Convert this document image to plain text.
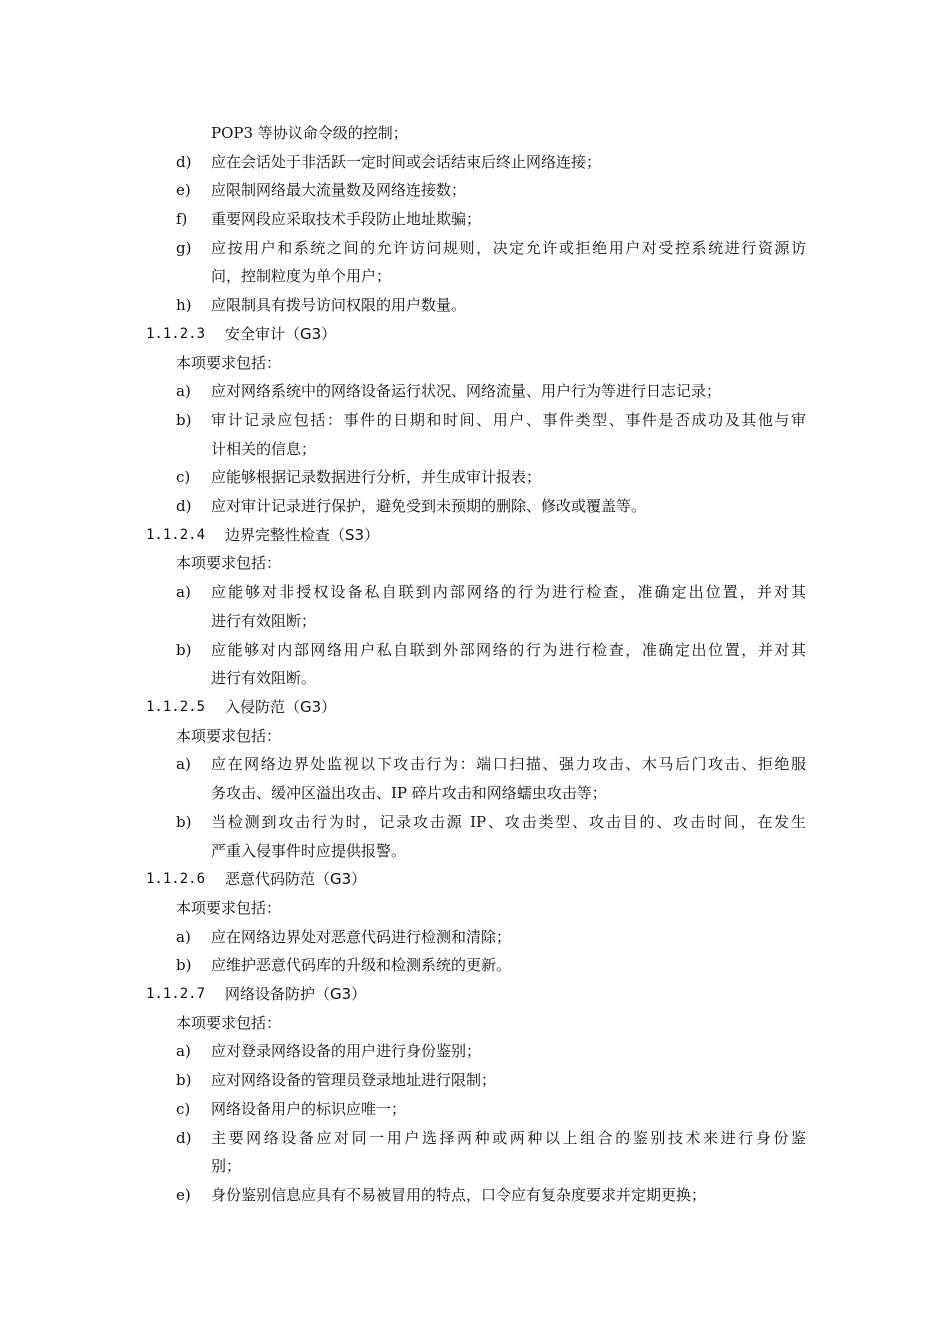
POP3 等协议命令级的控制；
d)	应在会话处于非活跃一定时间或会话结束后终止网络连接；
e)	应限制网络最大流量数及网络连接数；
f)	重要网段应采取技术手段防止地址欺骗；
g)	应按用户和系统之间的允许访问规则，决定允许或拒绝用户对受控系统进行资源访
问，控制粒度为单个用户；
h)	应限制具有拨号访问权限的用户数量。
1.1.2.3 安全审计（G3）
本项要求包括：
a)	应对网络系统中的网络设备运行状况、网络流量、用户行为等进行日志记录；
b)	审计记录应包括：事件的日期和时间、用户、事件类型、事件是否成功及其他与审
计相关的信息；
c)	应能够根据记录数据进行分析，并生成审计报表；
d)	应对审计记录进行保护，避免受到未预期的删除、修改或覆盖等。
1.1.2.4 边界完整性检查（S3）
本项要求包括：
a)	应能够对非授权设备私自联到内部网络的行为进行检查，准确定出位置，并对其
进行有效阻断；
b)	应能够对内部网络用户私自联到外部网络的行为进行检查，准确定出位置，并对其
进行有效阻断。
1.1.2.5 入侵防范（G3）
本项要求包括：
a)	应在网络边界处监视以下攻击行为：端口扫描、强力攻击、木马后门攻击、拒绝服
务攻击、缓冲区溢出攻击、IP 碎片攻击和网络蠕虫攻击等；
b)	当检测到攻击行为时，记录攻击源 IP、攻击类型、攻击目的、攻击时间，在发生
严重入侵事件时应提供报警。
1.1.2.6 恶意代码防范（G3）
本项要求包括：
a)	应在网络边界处对恶意代码进行检测和清除；
b)	应维护恶意代码库的升级和检测系统的更新。
1.1.2.7 网络设备防护（G3）
本项要求包括：
a)	应对登录网络设备的用户进行身份鉴别；
b)	应对网络设备的管理员登录地址进行限制；
c)	网络设备用户的标识应唯一；
d)	主要网络设备应对同一用户选择两种或两种以上组合的鉴别技术来进行身份鉴
别；
e)	身份鉴别信息应具有不易被冒用的特点，口令应有复杂度要求并定期更换；
